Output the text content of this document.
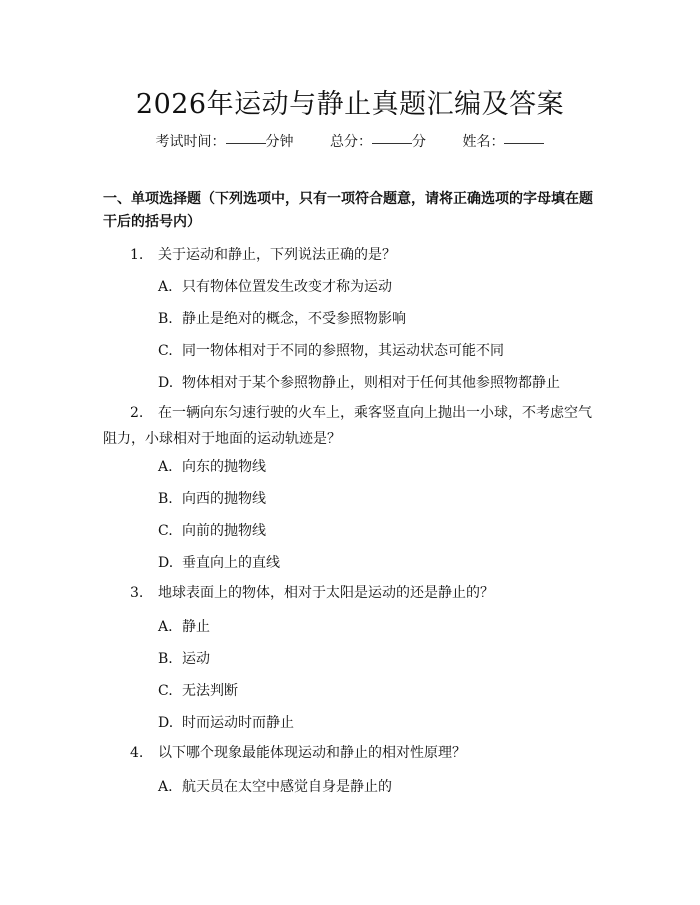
2026年运动与静止真题汇编及答案
考试时间：	分钟	总分：	分	姓名：
一、单项选择题（下列选项中，只有一项符合题意，请将正确选项的字母填在题干后的括号内）
1. 关于运动和静止，下列说法正确的是？
A. 只有物体位置发生改变才称为运动
B. 静止是绝对的概念，不受参照物影响
C. 同一物体相对于不同的参照物，其运动状态可能不同
D. 物体相对于某个参照物静止，则相对于任何其他参照物都静止
2. 在一辆向东匀速行驶的火车上，乘客竖直向上抛出一小球，不考虑空气阻力，小球相对于地面的运动轨迹是？
A. 向东的抛物线
B. 向西的抛物线
C. 向前的抛物线
D. 垂直向上的直线
3. 地球表面上的物体，相对于太阳是运动的还是静止的？
A. 静止
B. 运动
C. 无法判断
D. 时而运动时而静止
4. 以下哪个现象最能体现运动和静止的相对性原理？
A. 航天员在太空中感觉自身是静止的
